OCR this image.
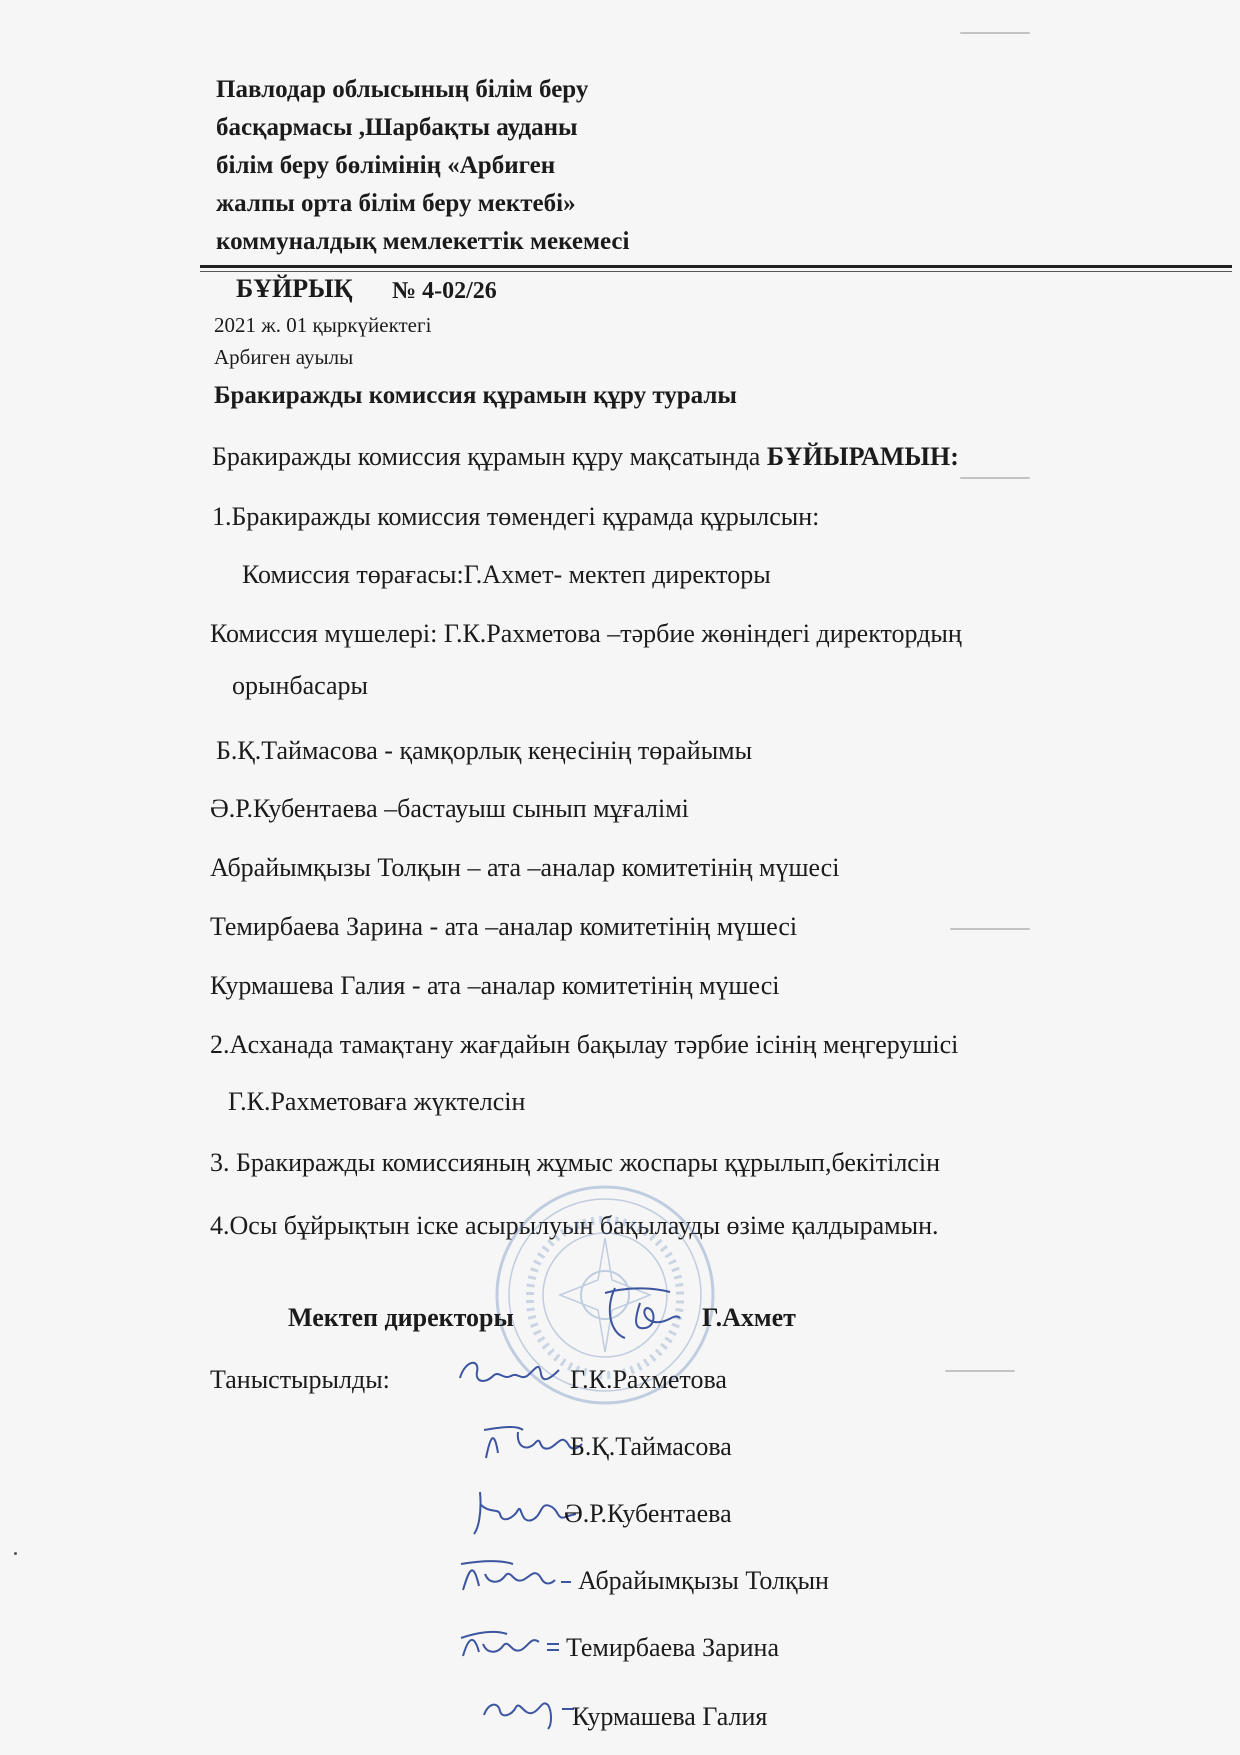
Павлодар облысының білім беру
басқармасы ,Шарбақты ауданы
білім беру бөлімінің «Арбиген
жалпы орта білім беру мектебі»
коммуналдық мемлекеттік мекемесі
БҰЙРЫҚ № 4-02/26
2021 ж. 01 қыркүйектегі
Арбиген ауылы
Бракиражды комиссия құрамын құру туралы
Бракиражды комиссия құрамын құру мақсатында БҰЙЫРАМЫН:
1.Бракиражды комиссия төмендегі құрамда құрылсын:
Комиссия төрағасы:Г.Ахмет- мектеп директоры
Комиссия мүшелері: Г.К.Рахметова –тәрбие жөніндегі директордың
орынбасары
Б.Қ.Таймасова - қамқорлық кеңесінің төрайымы
Ә.Р.Кубентаева –бастауыш сынып мұғалімі
Абрайымқызы Толқын – ата –аналар комитетінің мүшесі
Темирбаева Зарина - ата –аналар комитетінің мүшесі
Курмашева Галия - ата –аналар комитетінің мүшесі
2.Асханада тамақтану жағдайын бақылау тәрбие ісінің меңгерушісі
Г.К.Рахметоваға жүктелсін
3. Бракиражды комиссияның жұмыс жоспары құрылып,бекітілсін
4.Осы бұйрықтын іске асырылуын бақылауды өзіме қалдырамын.
Мектеп директоры	Г.Ахмет
Таныстырылды:	Г.К.Рахметова
Б.Қ.Таймасова
Ә.Р.Кубентаева
Абрайымқызы Толқын
Темирбаева Зарина
Курмашева Галия
